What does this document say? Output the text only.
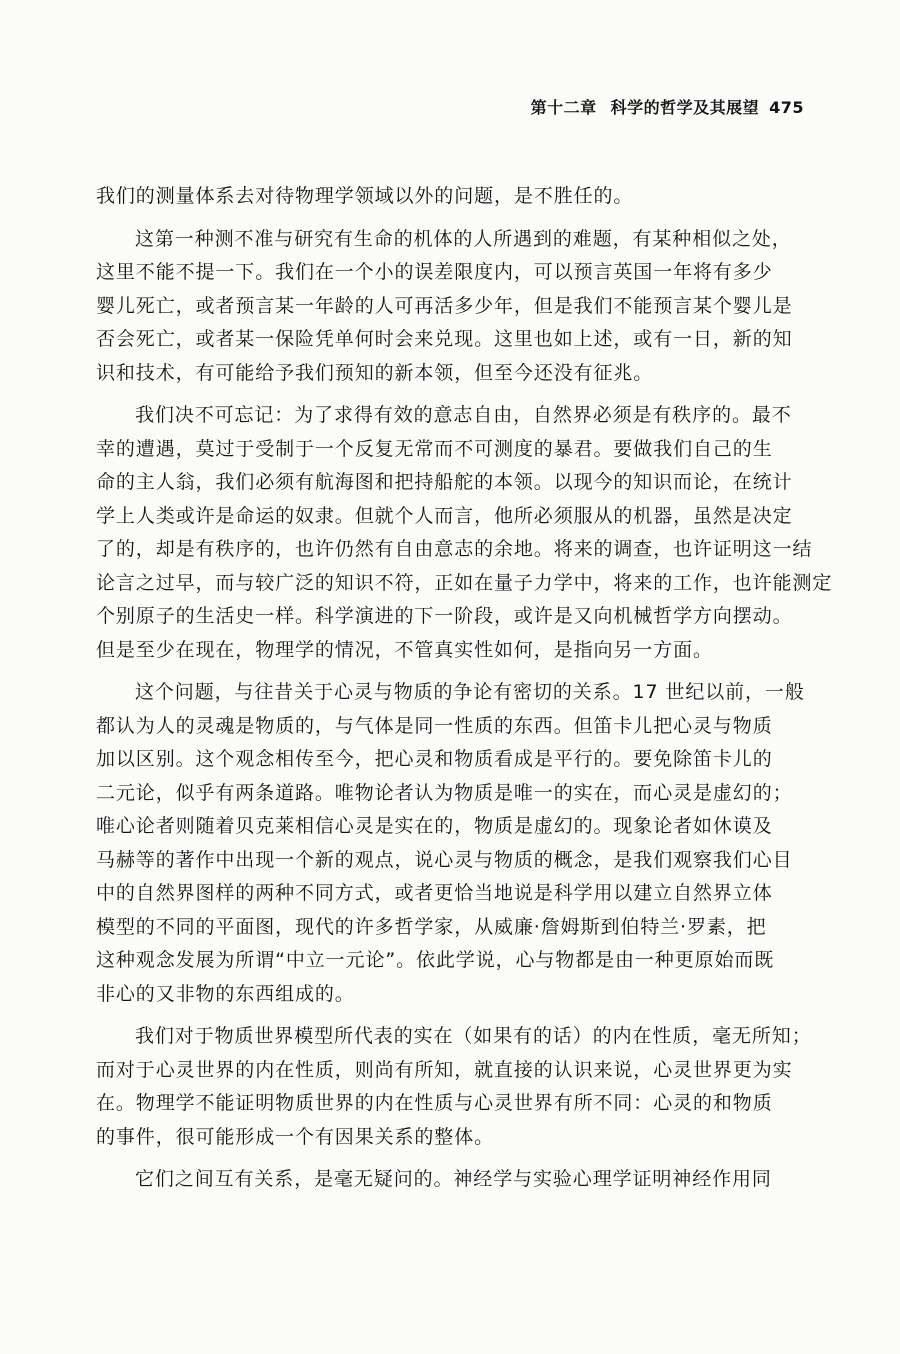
第十二章 科学的哲学及其展望 475

我们的测量体系去对待物理学领域以外的问题，是不胜任的。

这第一种测不准与研究有生命的机体的人所遇到的难题，有某种相似之处，
这里不能不提一下。我们在一个小的误差限度内，可以预言英国一年将有多少
婴儿死亡，或者预言某一年龄的人可再活多少年，但是我们不能预言某个婴儿是
否会死亡，或者某一保险凭单何时会来兑现。这里也如上述，或有一日，新的知
识和技术，有可能给予我们预知的新本领，但至今还没有征兆。

我们决不可忘记：为了求得有效的意志自由，自然界必须是有秩序的。最不
幸的遭遇，莫过于受制于一个反复无常而不可测度的暴君。要做我们自己的生
命的主人翁，我们必须有航海图和把持船舵的本领。以现今的知识而论，在统计
学上人类或许是命运的奴隶。但就个人而言，他所必须服从的机器，虽然是决定
了的，却是有秩序的，也许仍然有自由意志的余地。将来的调查，也许证明这一结
论言之过早，而与较广泛的知识不符，正如在量子力学中，将来的工作，也许能测定
个别原子的生活史一样。科学演进的下一阶段，或许是又向机械哲学方向摆动。
但是至少在现在，物理学的情况，不管真实性如何，是指向另一方面。

这个问题，与往昔关于心灵与物质的争论有密切的关系。17 世纪以前，一般
都认为人的灵魂是物质的，与气体是同一性质的东西。但笛卡儿把心灵与物质
加以区别。这个观念相传至今，把心灵和物质看成是平行的。要免除笛卡儿的
二元论，似乎有两条道路。唯物论者认为物质是唯一的实在，而心灵是虚幻的；
唯心论者则随着贝克莱相信心灵是实在的，物质是虚幻的。现象论者如休谟及
马赫等的著作中出现一个新的观点，说心灵与物质的概念，是我们观察我们心目
中的自然界图样的两种不同方式，或者更恰当地说是科学用以建立自然界立体
模型的不同的平面图，现代的许多哲学家，从威廉·詹姆斯到伯特兰·罗素，把
这种观念发展为所谓“中立一元论”。依此学说，心与物都是由一种更原始而既
非心的又非物的东西组成的。

我们对于物质世界模型所代表的实在（如果有的话）的内在性质，毫无所知；
而对于心灵世界的内在性质，则尚有所知，就直接的认识来说，心灵世界更为实
在。物理学不能证明物质世界的内在性质与心灵世界有所不同：心灵的和物质
的事件，很可能形成一个有因果关系的整体。

它们之间互有关系，是毫无疑问的。神经学与实验心理学证明神经作用同
